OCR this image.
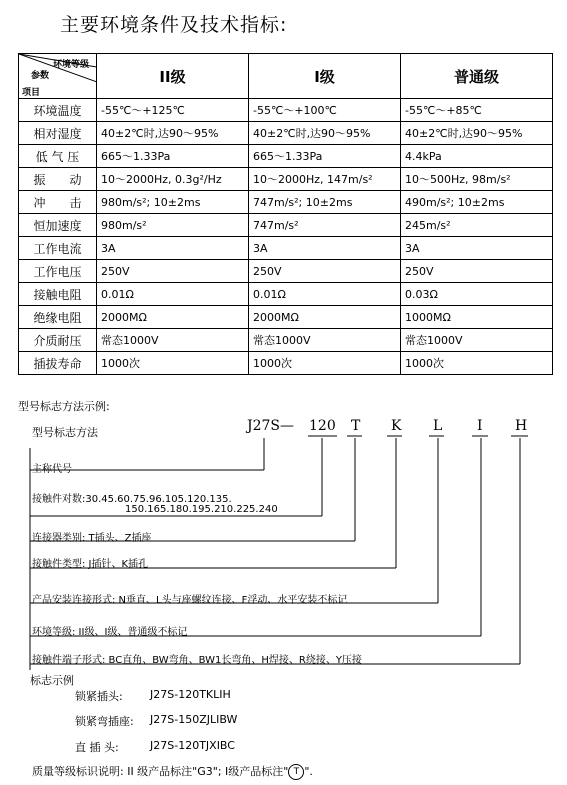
主要环境条件及技术指标:
环境等级
参数
项目	II级	I级	普通级
环境温度	-55℃～+125℃	-55℃～+100℃	-55℃～+85℃
相对湿度	40±2℃时,达90～95%	40±2℃时,达90～95%	40±2℃时,达90～95%
低 气 压	665～1.33Pa	665～1.33Pa	4.4kPa
振　　动	10～2000Hz, 0.3g²/Hz	10～2000Hz, 147m/s²	10～500Hz, 98m/s²
冲　　击	980m/s²; 10±2ms	747m/s²; 10±2ms	490m/s²; 10±2ms
恒加速度	980m/s²	747m/s²	245m/s²
工作电流	3A	3A	3A
工作电压	250V	250V	250V
接触电阻	0.01Ω	0.01Ω	0.03Ω
绝缘电阻	2000MΩ	2000MΩ	1000MΩ
介质耐压	常态1000V	常态1000V	常态1000V
插拔寿命	1000次	1000次	1000次
型号标志方法示例:
型号标志方法	J27S— 120 T K L I H
主称代号
接触件对数:30.45.60.75.96.105.120.135.
150.165.180.195.210.225.240
连接器类别: T插头、Z插座
接触件类型: J插针、K插孔
产品安装连接形式: N垂直、L头与座螺纹连接、F浮动、水平安装不标记
环境等级: II级、I级、普通级不标记
接触件端子形式: BC直角、BW弯角、BW1长弯角、H焊接、R绕接、Y压接
标志示例
锁紧插头: J27S-120TKLIH
锁紧弯插座: J27S-150ZJLIBW
直 插 头:	J27S-120TJXIBC
质量等级标识说明: II 级产品标注"G3"; I级产品标注" T ".
